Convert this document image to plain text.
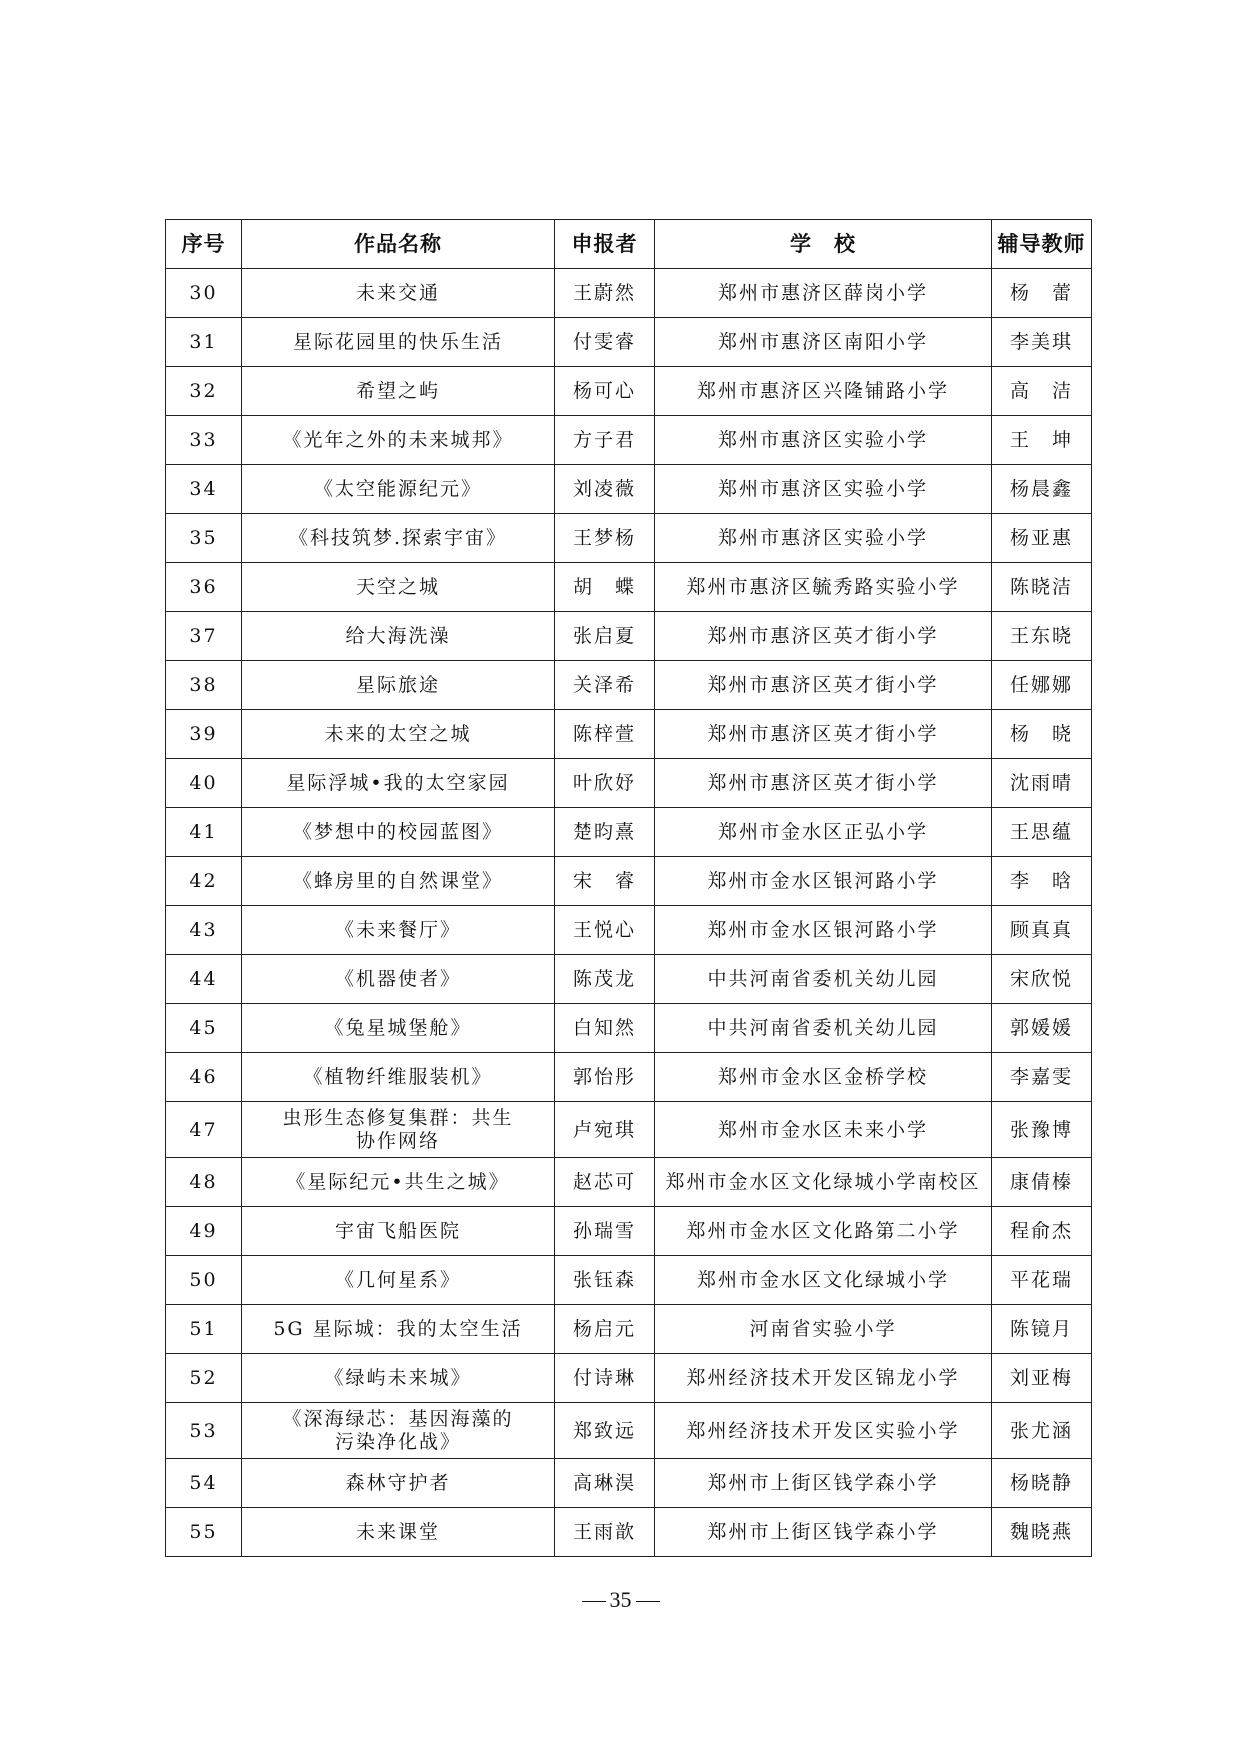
序号	作品名称	申报者	学　校	辅导教师
30	未来交通	王蔚然	郑州市惠济区薛岗小学	杨　蕾
31	星际花园里的快乐生活	付雯睿	郑州市惠济区南阳小学	李美琪
32	希望之屿	杨可心	郑州市惠济区兴隆铺路小学	高　洁
33	《光年之外的未来城邦》	方子君	郑州市惠济区实验小学	王　坤
34	《太空能源纪元》	刘凌薇	郑州市惠济区实验小学	杨晨鑫
35	《科技筑梦.探索宇宙》	王梦杨	郑州市惠济区实验小学	杨亚惠
36	天空之城	胡　蝶	郑州市惠济区毓秀路实验小学	陈晓洁
37	给大海洗澡	张启夏	郑州市惠济区英才街小学	王东晓
38	星际旅途	关泽希	郑州市惠济区英才街小学	任娜娜
39	未来的太空之城	陈梓萱	郑州市惠济区英才街小学	杨　晓
40	星际浮城•我的太空家园	叶欣妤	郑州市惠济区英才街小学	沈雨晴
41	《梦想中的校园蓝图》	楚昀熹	郑州市金水区正弘小学	王思蕴
42	《蜂房里的自然课堂》	宋　睿	郑州市金水区银河路小学	李　晗
43	《未来餐厅》	王悦心	郑州市金水区银河路小学	顾真真
44	《机器使者》	陈茂龙	中共河南省委机关幼儿园	宋欣悦
45	《兔星城堡舱》	白知然	中共河南省委机关幼儿园	郭媛媛
46	《植物纤维服装机》	郭怡彤	郑州市金水区金桥学校	李嘉雯
47	虫形生态修复集群：共生协作网络	卢宛琪	郑州市金水区未来小学	张豫博
48	《星际纪元•共生之城》	赵芯可	郑州市金水区文化绿城小学南校区	康倩榛
49	宇宙飞船医院	孙瑞雪	郑州市金水区文化路第二小学	程俞杰
50	《几何星系》	张钰森	郑州市金水区文化绿城小学	平花瑞
51	5G 星际城：我的太空生活	杨启元	河南省实验小学	陈镜月
52	《绿屿未来城》	付诗琳	郑州经济技术开发区锦龙小学	刘亚梅
53	《深海绿芯：基因海藻的污染净化战》	郑致远	郑州经济技术开发区实验小学	张尤涵
54	森林守护者	高琳淏	郑州市上街区钱学森小学	杨晓静
55	未来课堂	王雨歆	郑州市上街区钱学森小学	魏晓燕
35
